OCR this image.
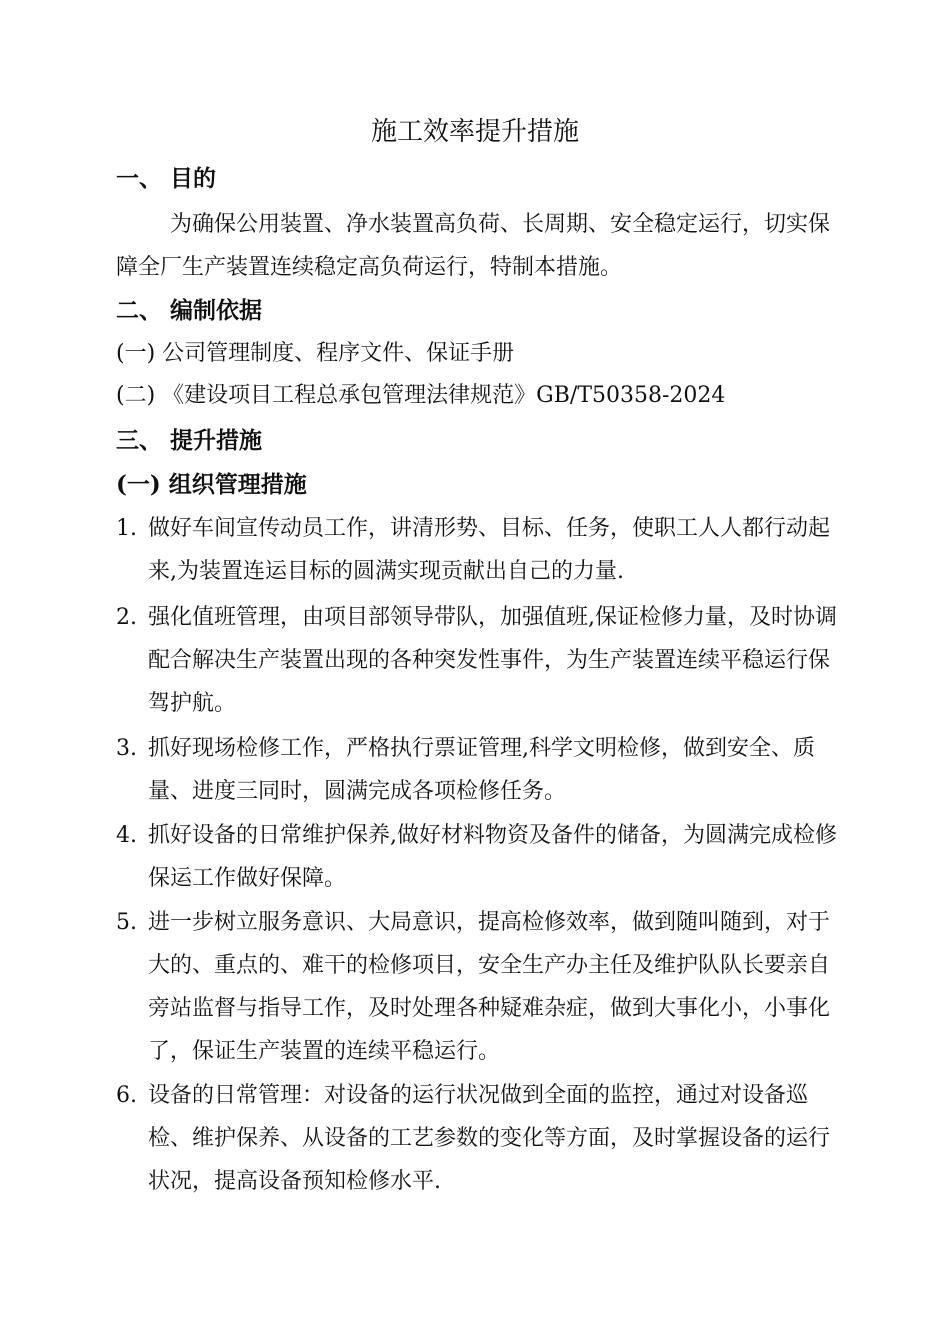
施工效率提升措施
一、 目的
为确保公用装置、净水装置高负荷、长周期、安全稳定运行，切实保障全厂生产装置连续稳定高负荷运行，特制本措施。
二、 编制依据
(一) 公司管理制度、程序文件、保证手册
(二) 《建设项目工程总承包管理法律规范》GB/T50358-2024
三、 提升措施
(一) 组织管理措施
1. 做好车间宣传动员工作，讲清形势、目标、任务，使职工人人都行动起来,为装置连运目标的圆满实现贡献出自己的力量.
2. 强化值班管理，由项目部领导带队，加强值班,保证检修力量，及时协调配合解决生产装置出现的各种突发性事件，为生产装置连续平稳运行保驾护航。
3. 抓好现场检修工作，严格执行票证管理,科学文明检修，做到安全、质量、进度三同时，圆满完成各项检修任务。
4. 抓好设备的日常维护保养,做好材料物资及备件的储备，为圆满完成检修保运工作做好保障。
5. 进一步树立服务意识、大局意识，提高检修效率，做到随叫随到，对于大的、重点的、难干的检修项目，安全生产办主任及维护队队长要亲自旁站监督与指导工作，及时处理各种疑难杂症，做到大事化小，小事化了，保证生产装置的连续平稳运行。
6. 设备的日常管理：对设备的运行状况做到全面的监控，通过对设备巡检、维护保养、从设备的工艺参数的变化等方面，及时掌握设备的运行状况，提高设备预知检修水平.
